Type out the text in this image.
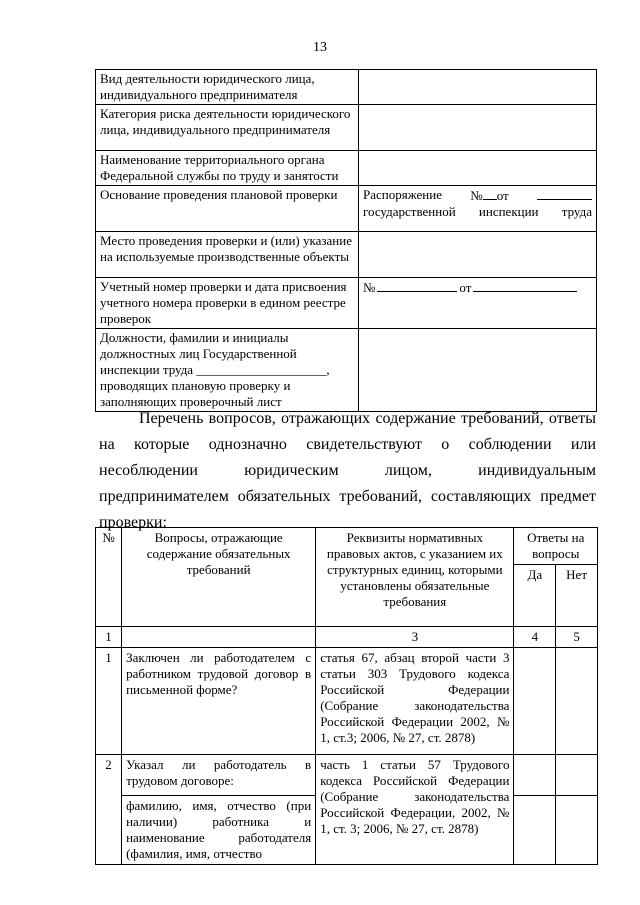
13
Вид деятельности юридического лица, индивидуального предпринимателя	
Категория риска деятельности юридического лица, индивидуального предпринимателя	
Наименование территориального органа Федеральной службы по труду и занятости	
Основание проведения плановой проверки	Распоряжение № от
государственной инспекции труда

Место проведения проверки и (или) указание на используемые производственные объекты	
Учетный номер проверки и дата присвоения учетного номера проверки в едином реестре проверок	№ от

Должности, фамилии и инициалы должностных лиц Государственной инспекции труда ____________________, проводящих плановую проверку и заполняющих проверочный лист	

Перечень вопросов, отражающих содержание требований, ответы на которые однозначно свидетельствуют о соблюдении или несоблюдении юридическим лицом, индивидуальным предпринимателем обязательных требований, составляющих предмет проверки:

№	Вопросы, отражающие содержание обязательных требований	Реквизиты нормативных правовых актов, с указанием их структурных единиц, которыми установлены обязательные требования	Ответы на вопросы	
			Да	Нет
1		3	4	5
1	Заключен ли работодателем с работником трудовой договор в письменной форме?	статья 67, абзац второй части 3 статьи 303 Трудового кодекса Российской Федерации (Собрание законодательства Российской Федерации 2002, № 1, ст.3; 2006, № 27, ст. 2878)		
2	Указал ли работодатель в трудовом договоре:	часть 1 статьи 57 Трудового кодекса Российской Федерации (Собрание законодательства Российской Федерации, 2002, № 1, ст. 3; 2006, № 27, ст. 2878)		
	фамилию, имя, отчество (при наличии) работника и наименование работодателя (фамилия, имя, отчество			
